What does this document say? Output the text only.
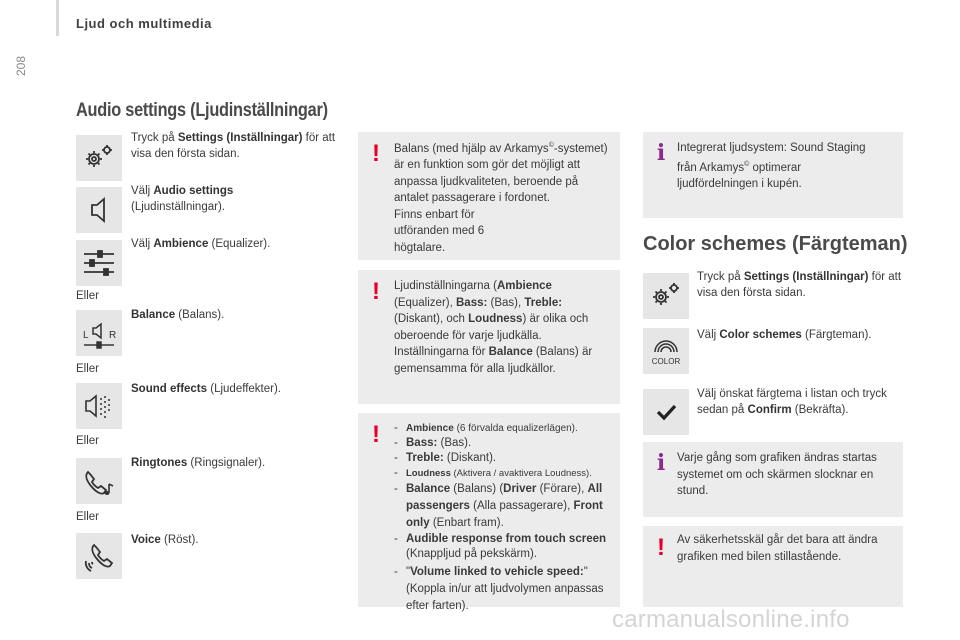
Ljud och multimedia
208
Audio settings (Ljudinställningar)
Tryck på Settings (Inställningar) för att visa den första sidan.
Välj Audio settings
(Ljudinställningar).
Välj Ambience (Equalizer).
Eller
L R
Balance (Balans).
Eller
Sound effects (Ljudeffekter).
Eller
Ringtones (Ringsignaler).
Eller
Voice (Röst).
! Balans (med hjälp av Arkamys©-systemet) är en funktion som gör det möjligt att anpassa ljudkvaliteten, beroende på antalet passagerare i fordonet.
Finns enbart för utföranden med 6 högtalare.
! Ljudinställningarna (Ambience (Equalizer), Bass: (Bas), Treble: (Diskant), och Loudness) är olika och oberoende för varje ljudkälla.
Inställningarna för Balance (Balans) är gemensamma för alla ljudkällor.
! - Ambience (6 förvalda equalizerlägen).
- Bass: (Bas).
- Treble: (Diskant).
- Loudness (Aktivera / avaktivera Loudness).
- Balance (Balans) (Driver (Förare), All passengers (Alla passagerare), Front only (Enbart fram).
- Audible response from touch screen (Knappljud på pekskärm).
- "Volume linked to vehicle speed:" (Koppla in/ur att ljudvolymen anpassas efter farten).
i Integrerat ljudsystem: Sound Staging från Arkamys© optimerar ljudfördelningen i kupén.
Color schemes (Färgteman)
Tryck på Settings (Inställningar) för att visa den första sidan.
COLOR
Välj Color schemes (Färgteman).
Välj önskat färgtema i listan och tryck sedan på Confirm (Bekräfta).
i Varje gång som grafiken ändras startas systemet om och skärmen slocknar en stund.
! Av säkerhetsskäl går det bara att ändra grafiken med bilen stillastående.
carmanualsonline.info
